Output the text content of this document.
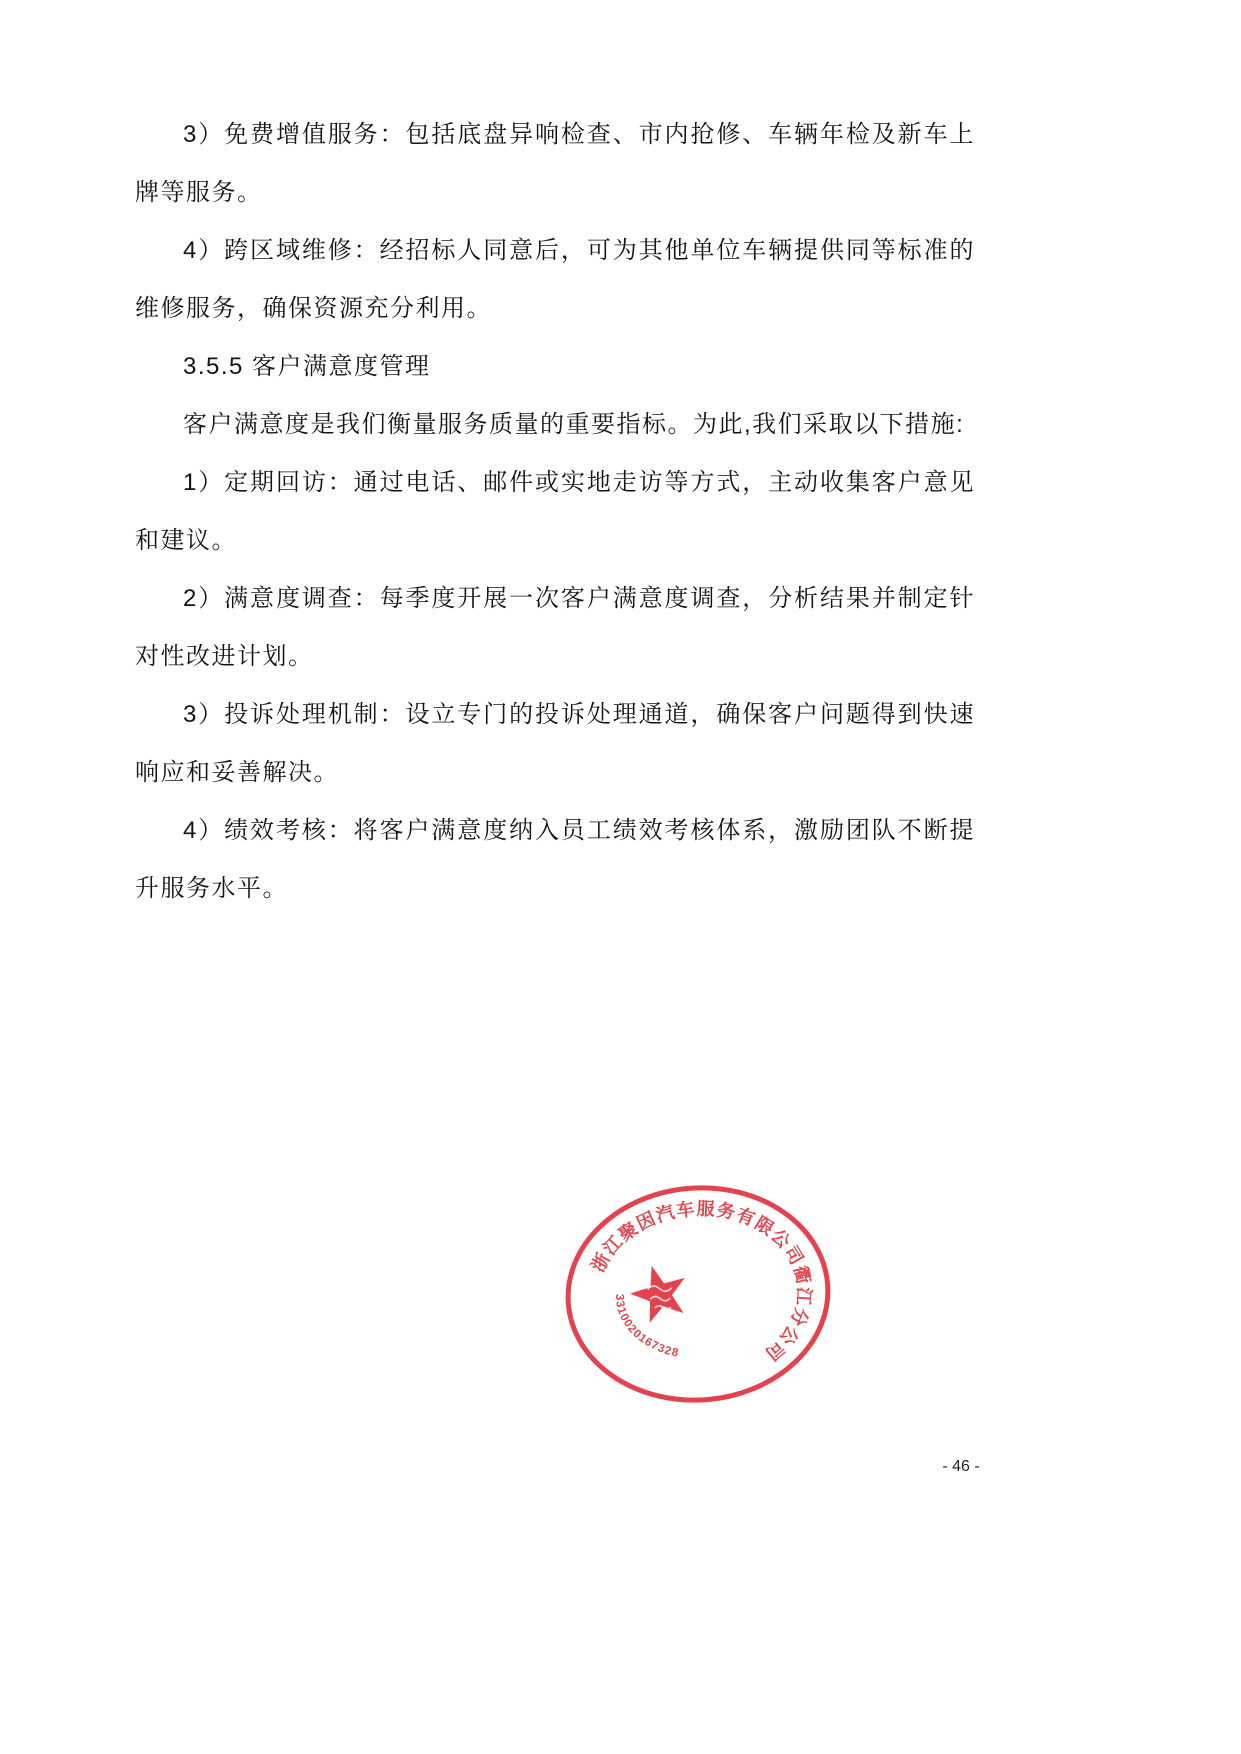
3）免费增值服务：包括底盘异响检查、市内抢修、车辆年检及新车上牌等服务。

4）跨区域维修：经招标人同意后，可为其他单位车辆提供同等标准的维修服务，确保资源充分利用。

3.5.5 客户满意度管理

客户满意度是我们衡量服务质量的重要指标。为此,我们采取以下措施:

1）定期回访：通过电话、邮件或实地走访等方式，主动收集客户意见和建议。

2）满意度调查：每季度开展一次客户满意度调查，分析结果并制定针对性改进计划。

3）投诉处理机制：设立专门的投诉处理通道，确保客户问题得到快速响应和妥善解决。

4）绩效考核：将客户满意度纳入员工绩效考核体系，激励团队不断提升服务水平。

浙江聚因汽车服务有限公司衢江分公司
3310020167328
- 46 -
